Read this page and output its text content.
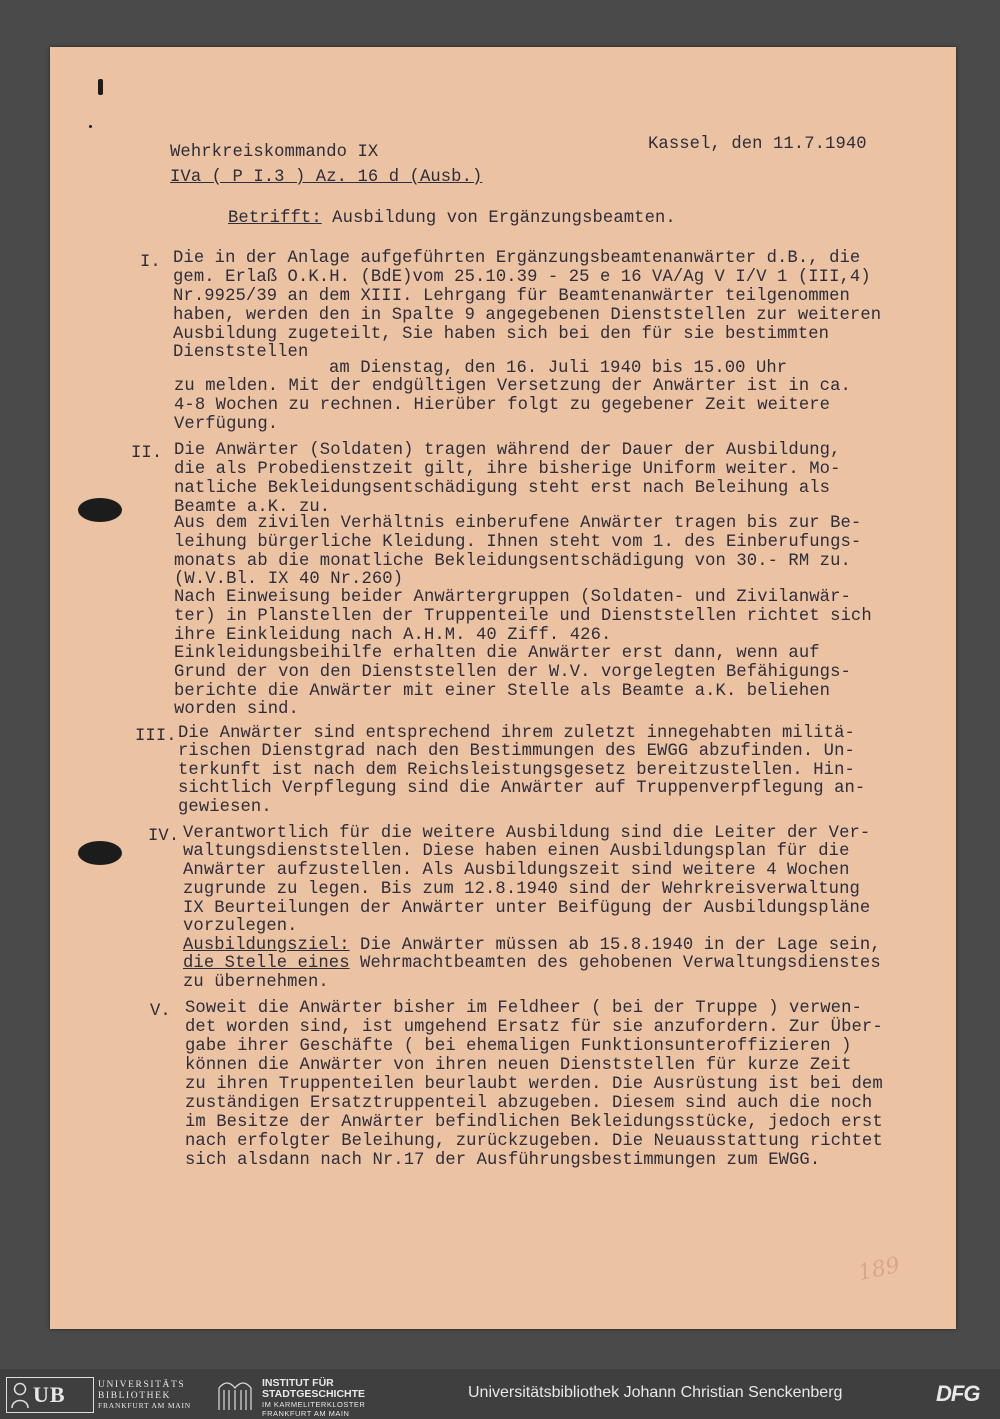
Wehrkreiskommando IX
IVa ( P I.3 ) Az. 16 d (Ausb.)
Kassel, den 11.7.1940
Betrifft: Ausbildung von Ergänzungsbeamten.
I. Die in der Anlage aufgeführten Ergänzungsbeamtenanwärter d.B., die
gem. Erlaß O.K.H. (BdE)vom 25.10.39 - 25 e 16 VA/Ag V I/V 1 (III,4)
Nr.9925/39 an dem XIII. Lehrgang für Beamtenanwärter teilgenommen
haben, werden den in Spalte 9 angegebenen Dienststellen zur weiteren
Ausbildung zugeteilt, Sie haben sich bei den für sie bestimmten
Dienststellen
am Dienstag, den 16. Juli 1940 bis 15.00 Uhr
zu melden. Mit der endgültigen Versetzung der Anwärter ist in ca.
4-8 Wochen zu rechnen. Hierüber folgt zu gegebener Zeit weitere
Verfügung.
II. Die Anwärter (Soldaten) tragen während der Dauer der Ausbildung,
die als Probedienstzeit gilt, ihre bisherige Uniform weiter. Mo-
natliche Bekleidungsentschädigung steht erst nach Beleihung als
Beamte a.K. zu.
Aus dem zivilen Verhältnis einberufene Anwärter tragen bis zur Be-
leihung bürgerliche Kleidung. Ihnen steht vom 1. des Einberufungs-
monats ab die monatliche Bekleidungsentschädigung von 30.- RM zu.
(W.V.Bl. IX 40 Nr.260)
Nach Einweisung beider Anwärtergruppen (Soldaten- und Zivilanwär-
ter) in Planstellen der Truppenteile und Dienststellen richtet sich
ihre Einkleidung nach A.H.M. 40 Ziff. 426.
Einkleidungsbeihilfe erhalten die Anwärter erst dann, wenn auf
Grund der von den Dienststellen der W.V. vorgelegten Befähigungs-
berichte die Anwärter mit einer Stelle als Beamte a.K. beliehen
worden sind.
III. Die Anwärter sind entsprechend ihrem zuletzt innegehabten militä-
rischen Dienstgrad nach den Bestimmungen des EWGG abzufinden. Un-
terkunft ist nach dem Reichsleistungsgesetz bereitzustellen. Hin-
sichtlich Verpflegung sind die Anwärter auf Truppenverpflegung an-
gewiesen.
IV. Verantwortlich für die weitere Ausbildung sind die Leiter der Ver-
waltungsdienststellen. Diese haben einen Ausbildungsplan für die
Anwärter aufzustellen. Als Ausbildungszeit sind weitere 4 Wochen
zugrunde zu legen. Bis zum 12.8.1940 sind der Wehrkreisverwaltung
IX Beurteilungen der Anwärter unter Beifügung der Ausbildungspläne
vorzulegen.
Ausbildungsziel: Die Anwärter müssen ab 15.8.1940 in der Lage sein,
die Stelle eines Wehrmachtbeamten des gehobenen Verwaltungsdienstes
zu übernehmen.
V. Soweit die Anwärter bisher im Feldheer ( bei der Truppe ) verwen-
det worden sind, ist umgehend Ersatz für sie anzufordern. Zur Über-
gabe ihrer Geschäfte ( bei ehemaligen Funktionsunteroffizieren )
können die Anwärter von ihren neuen Dienststellen für kurze Zeit
zu ihren Truppenteilen beurlaubt werden. Die Ausrüstung ist bei dem
zuständigen Ersatztruppenteil abzugeben. Diesem sind auch die noch
im Besitze der Anwärter befindlichen Bekleidungsstücke, jedoch erst
nach erfolgter Beleihung, zurückzugeben. Die Neuausstattung richtet
sich alsdann nach Nr.17 der Ausführungsbestimmungen zum EWGG.
189
UB	UNIVERSITÄTS
BIBLIOTHEK
FRANKFURT AM MAIN
INSTITUT FÜR
STADTGESCHICHTE
IM KARMELITERKLOSTER
FRANKFURT AM MAIN
Universitätsbibliothek Johann Christian Senckenberg	DFG
